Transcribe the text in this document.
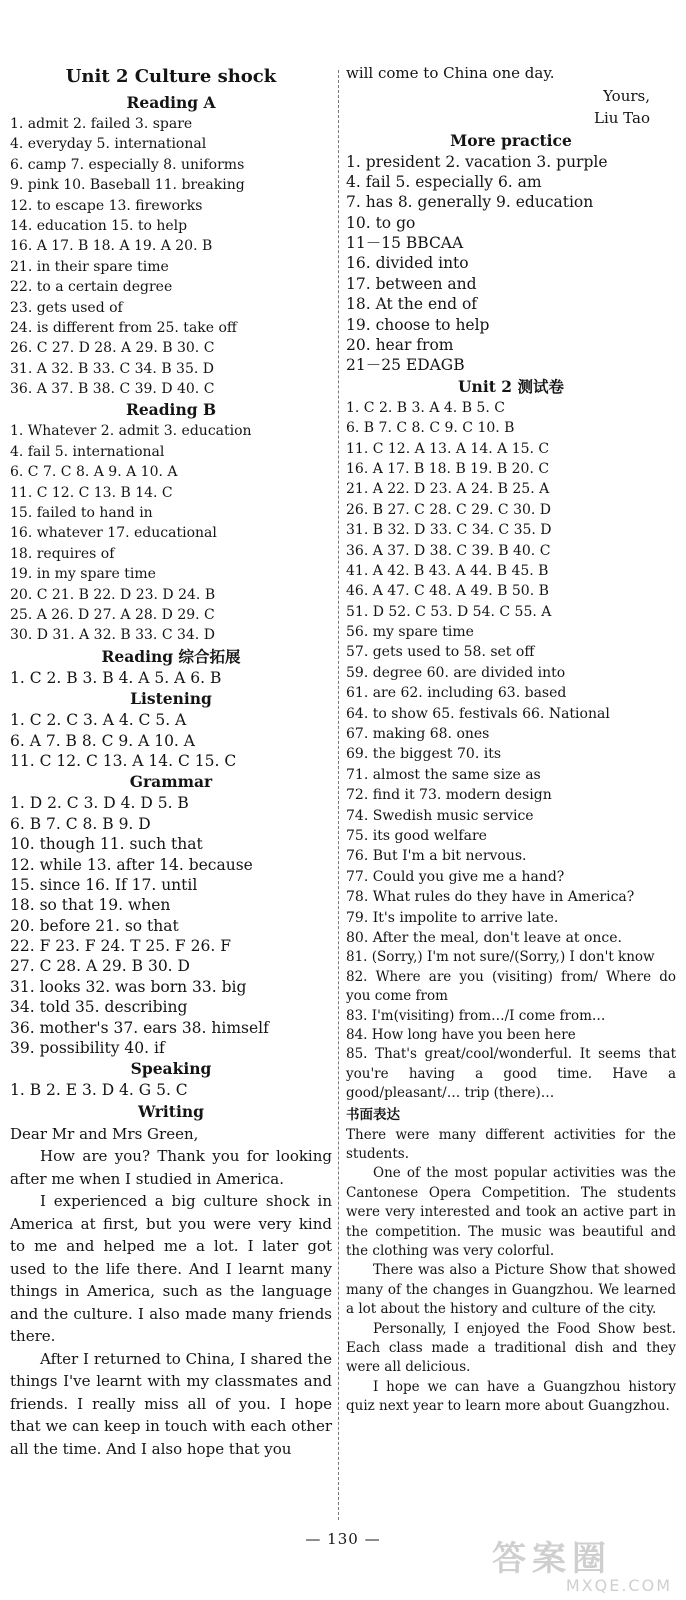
Unit 2 Culture shock
Reading A
1. admit 2. failed 3. spare
4. everyday 5. international
6. camp 7. especially 8. uniforms
9. pink 10. Baseball 11. breaking
12. to escape 13. fireworks
14. education 15. to help
16. A 17. B 18. A 19. A 20. B
21. in their spare time
22. to a certain degree
23. gets used of
24. is different from 25. take off
26. C 27. D 28. A 29. B 30. C
31. A 32. B 33. C 34. B 35. D
36. A 37. B 38. C 39. D 40. C
Reading B
1. Whatever 2. admit 3. education
4. fail 5. international
6. C 7. C 8. A 9. A 10. A
11. C 12. C 13. B 14. C
15. failed to hand in
16. whatever 17. educational
18. requires of
19. in my spare time
20. C 21. B 22. D 23. D 24. B
25. A 26. D 27. A 28. D 29. C
30. D 31. A 32. B 33. C 34. D
Reading 综合拓展
1. C 2. B 3. B 4. A 5. A 6. B
Listening
1. C 2. C 3. A 4. C 5. A
6. A 7. B 8. C 9. A 10. A
11. C 12. C 13. A 14. C 15. C
Grammar
1. D 2. C 3. D 4. D 5. B
6. B 7. C 8. B 9. D
10. though 11. such that
12. while 13. after 14. because
15. since 16. If 17. until
18. so that 19. when
20. before 21. so that
22. F 23. F 24. T 25. F 26. F
27. C 28. A 29. B 30. D
31. looks 32. was born 33. big
34. told 35. describing
36. mother's 37. ears 38. himself
39. possibility 40. if
Speaking
1. B 2. E 3. D 4. G 5. C
Writing
Dear Mr and Mrs Green,
How are you? Thank you for looking after me when I studied in America.
I experienced a big culture shock in America at first, but you were very kind to me and helped me a lot. I later got used to the life there. And I learnt many things in America, such as the language and the culture. I also made many friends there.
After I returned to China, I shared the things I've learnt with my classmates and friends. I really miss all of you. I hope that we can keep in touch with each other all the time. And I also hope that you
will come to China one day.
Yours,
Liu Tao
More practice
1. president 2. vacation 3. purple
4. fail 5. especially 6. am
7. has 8. generally 9. education
10. to go
11－15 BBCAA
16. divided into
17. between and
18. At the end of
19. choose to help
20. hear from
21－25 EDAGB
Unit 2 测试卷
1. C 2. B 3. A 4. B 5. C
6. B 7. C 8. C 9. C 10. B
11. C 12. A 13. A 14. A 15. C
16. A 17. B 18. B 19. B 20. C
21. A 22. D 23. A 24. B 25. A
26. B 27. C 28. C 29. C 30. D
31. B 32. D 33. C 34. C 35. D
36. A 37. D 38. C 39. B 40. C
41. A 42. B 43. A 44. B 45. B
46. A 47. C 48. A 49. B 50. B
51. D 52. C 53. D 54. C 55. A
56. my spare time
57. gets used to 58. set off
59. degree 60. are divided into
61. are 62. including 63. based
64. to show 65. festivals 66. National
67. making 68. ones
69. the biggest 70. its
71. almost the same size as
72. find it 73. modern design
74. Swedish music service
75. its good welfare
76. But I'm a bit nervous.
77. Could you give me a hand?
78. What rules do they have in America?
79. It's impolite to arrive late.
80. After the meal, don't leave at once.
81. (Sorry,) I'm not sure/(Sorry,) I don't know
82. Where are you (visiting) from/ Where do you come from
83. I'm(visiting) from…/I come from…
84. How long have you been here
85. That's great/cool/wonderful. It seems that you're having a good time. Have a good/pleasant/… trip (there)…
书面表达
There were many different activities for the students.
One of the most popular activities was the Cantonese Opera Competition. The students were very interested and took an active part in the competition. The music was beautiful and the clothing was very colorful.
There was also a Picture Show that showed many of the changes in Guangzhou. We learned a lot about the history and culture of the city.
Personally, I enjoyed the Food Show best. Each class made a traditional dish and they were all delicious.
I hope we can have a Guangzhou history quiz next year to learn more about Guangzhou.
— 130 —	答案圈
MXQE.COM
